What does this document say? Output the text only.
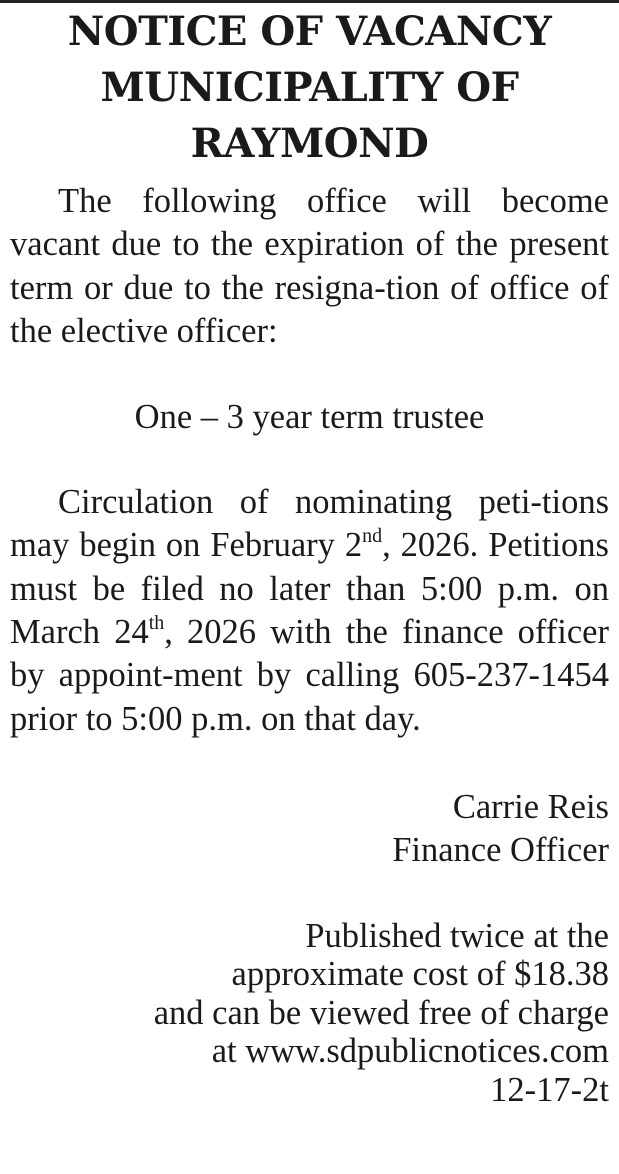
NOTICE OF VACANCY
MUNICIPALITY OF
RAYMOND

The following office will become vacant due to the expiration of the present term or due to the resigna-tion of office of the elective officer:

One – 3 year term trustee

Circulation of nominating peti-tions may begin on February 2nd, 2026. Petitions must be filed no later than 5:00 p.m. on March 24th, 2026 with the finance officer by appoint-ment by calling 605-237-1454 prior to 5:00 p.m. on that day.

Carrie Reis
Finance Officer
Published twice at the
approximate cost of $18.38
and can be viewed free of charge
at www.sdpublicnotices.com
12-17-2t
